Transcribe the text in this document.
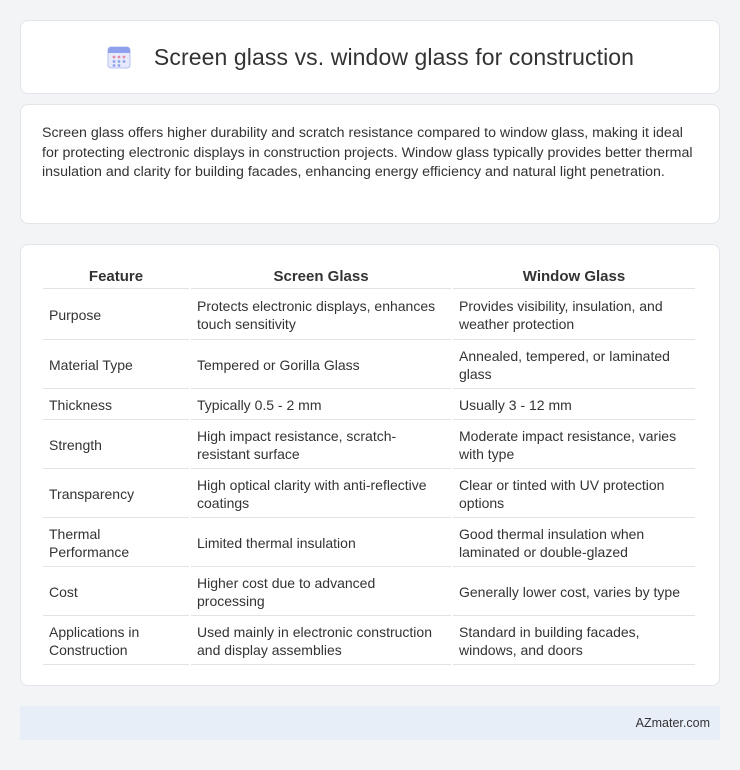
Screen glass vs. window glass for construction

Screen glass offers higher durability and scratch resistance compared to window glass, making it ideal for protecting electronic displays in construction projects. Window glass typically provides better thermal insulation and clarity for building facades, enhancing energy efficiency and natural light penetration.

Feature	Screen Glass	Window Glass
Purpose	Protects electronic displays, enhances touch sensitivity	Provides visibility, insulation, and weather protection
Material Type	Tempered or Gorilla Glass	Annealed, tempered, or laminated glass
Thickness	Typically 0.5 - 2 mm	Usually 3 - 12 mm
Strength	High impact resistance, scratch-resistant surface	Moderate impact resistance, varies with type
Transparency	High optical clarity with anti-reflective coatings	Clear or tinted with UV protection options
Thermal Performance	Limited thermal insulation	Good thermal insulation when laminated or double-glazed
Cost	Higher cost due to advanced processing	Generally lower cost, varies by type
Applications in Construction	Used mainly in electronic construction and display assemblies	Standard in building facades, windows, and doors
AZmater.com
